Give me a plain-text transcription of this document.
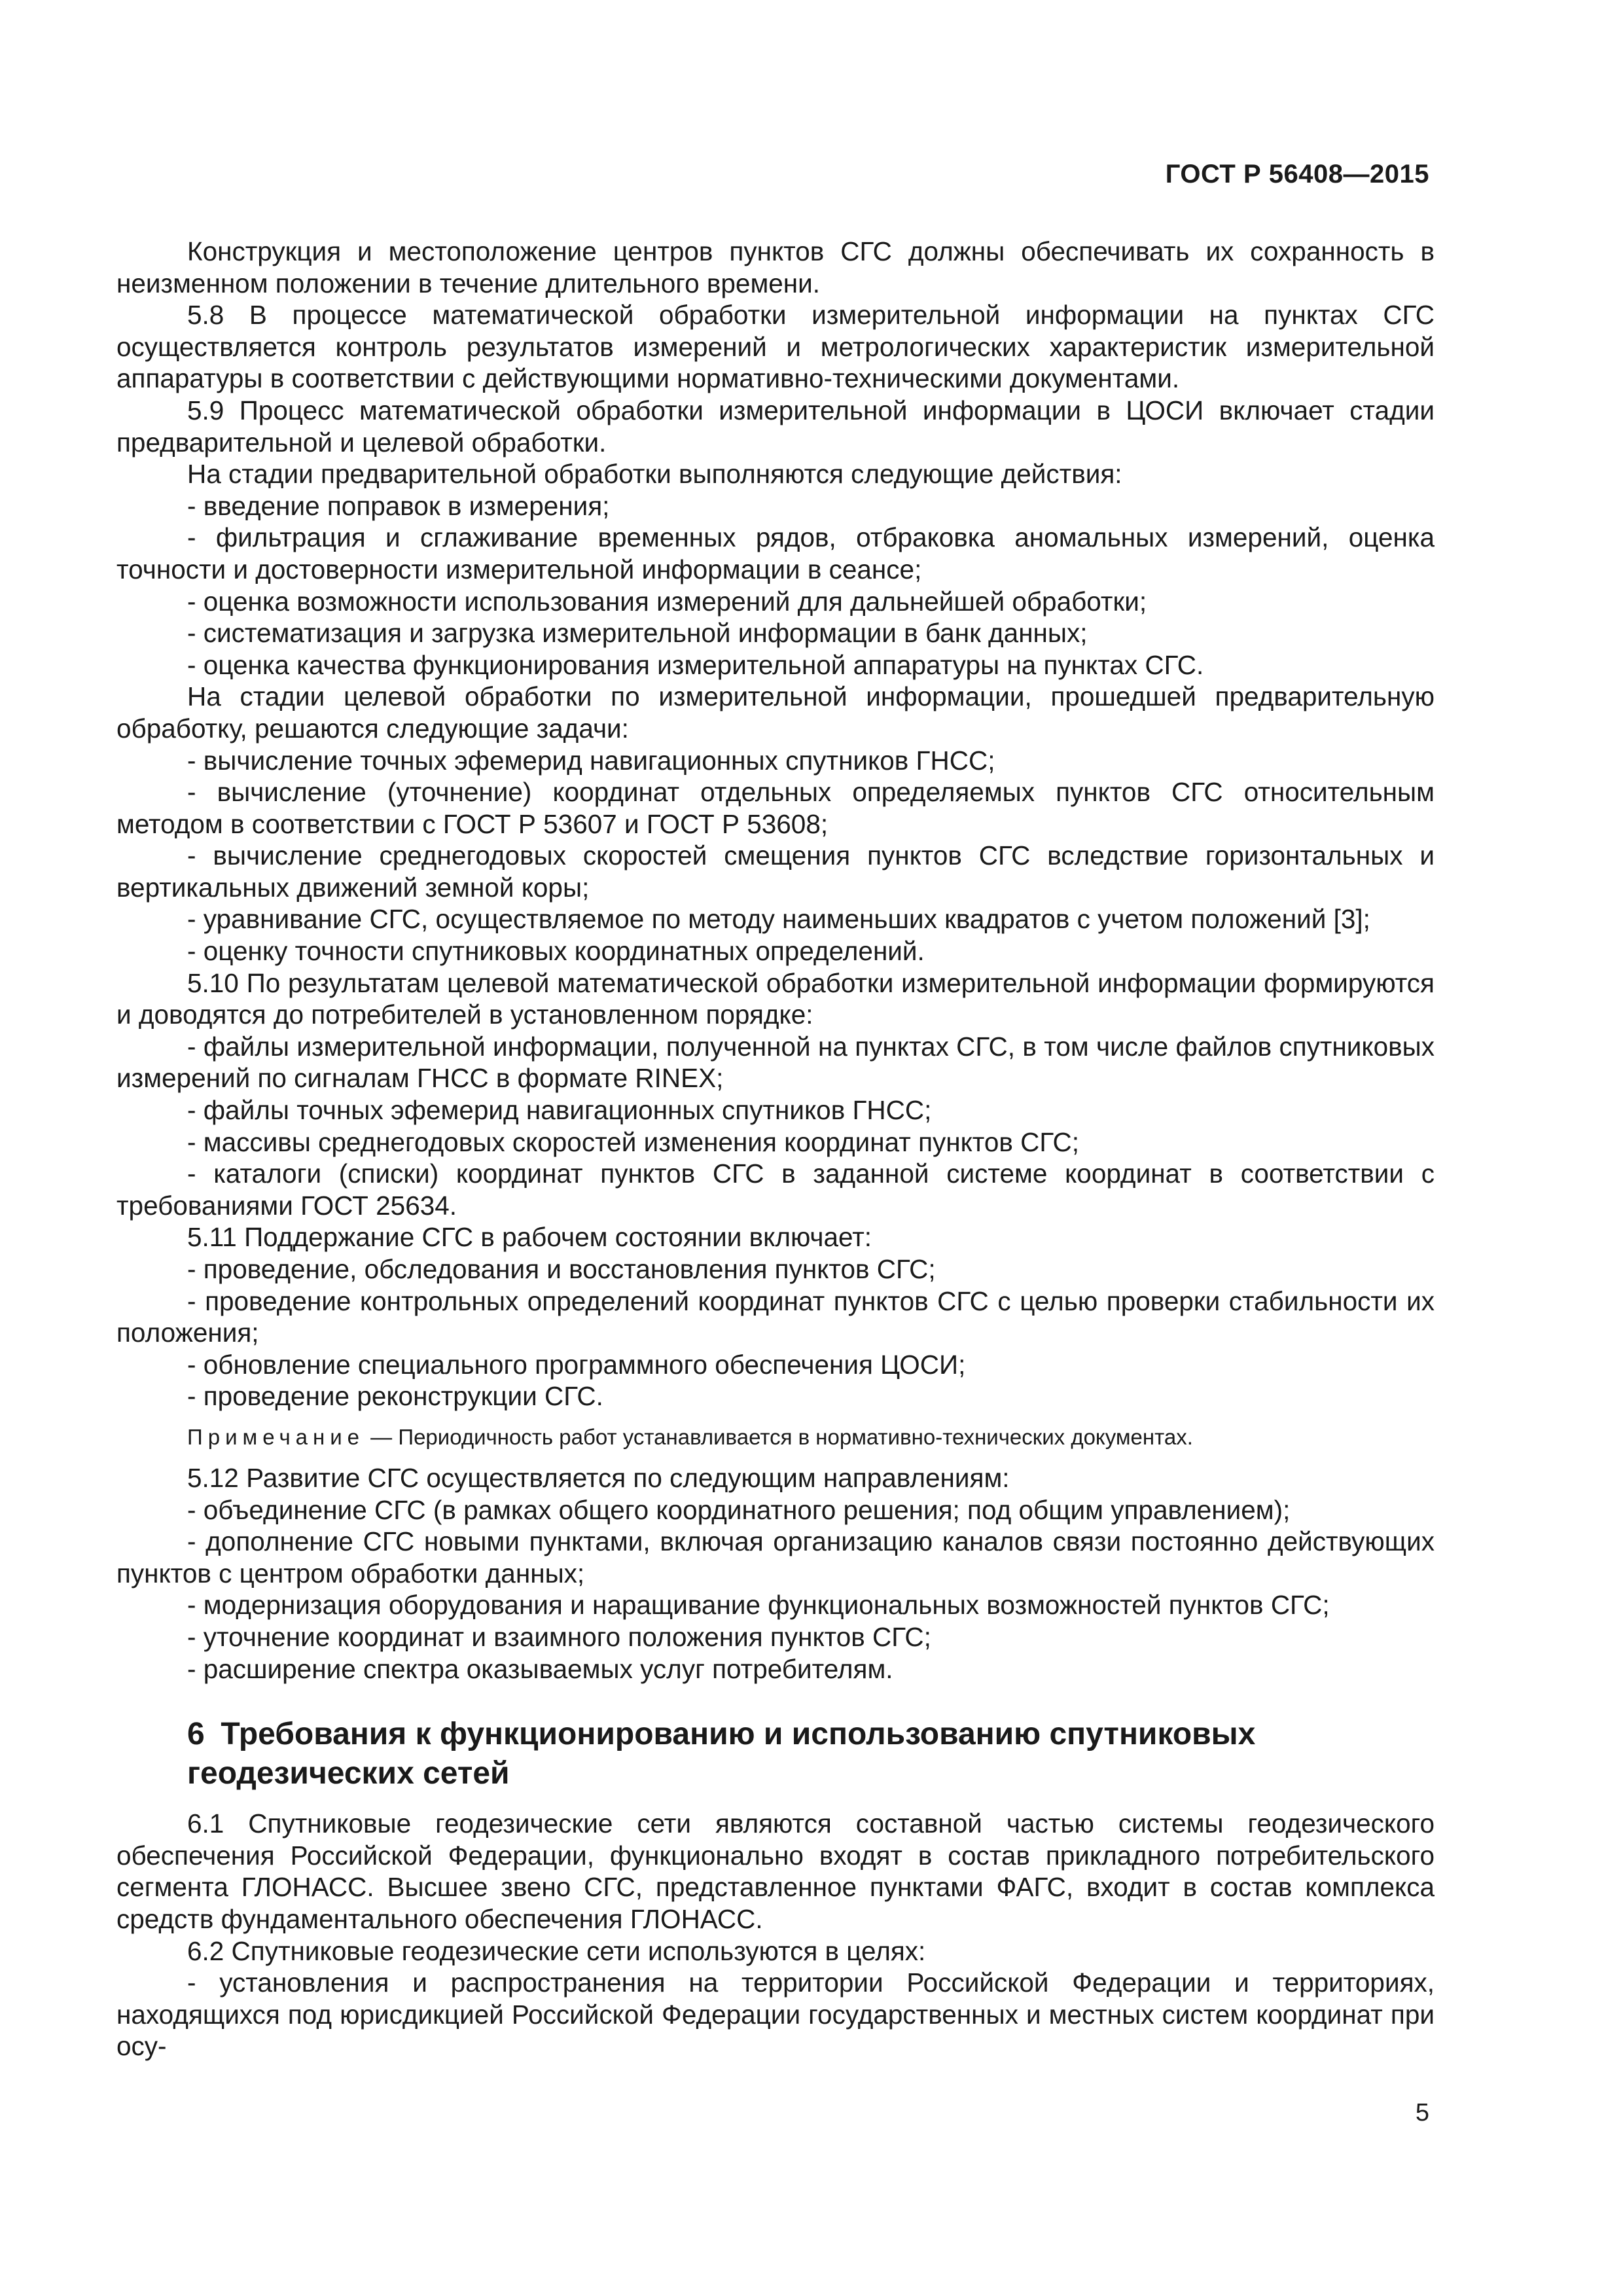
ГОСТ Р 56408—2015

Конструкция и местоположение центров пунктов СГС должны обеспечивать их сохранность в неизменном положении в течение длительного времени.

5.8 В процессе математической обработки измерительной информации на пунктах СГС осуществляется контроль результатов измерений и метрологических характеристик измерительной аппаратуры в соответствии с действующими нормативно-техническими документами.

5.9 Процесс математической обработки измерительной информации в ЦОСИ включает стадии предварительной и целевой обработки.

На стадии предварительной обработки выполняются следующие действия:

- введение поправок в измерения;

- фильтрация и сглаживание временных рядов, отбраковка аномальных измерений, оценка точности и достоверности измерительной информации в сеансе;

- оценка возможности использования измерений для дальнейшей обработки;

- систематизация и загрузка измерительной информации в банк данных;

- оценка качества функционирования измерительной аппаратуры на пунктах СГС.

На стадии целевой обработки по измерительной информации, прошедшей предварительную обработку, решаются следующие задачи:

- вычисление точных эфемерид навигационных спутников ГНСС;

- вычисление (уточнение) координат отдельных определяемых пунктов СГС относительным методом в соответствии с ГОСТ Р 53607 и ГОСТ Р 53608;

- вычисление среднегодовых скоростей смещения пунктов СГС вследствие горизонтальных и вертикальных движений земной коры;

- уравнивание СГС, осуществляемое по методу наименьших квадратов с учетом положений [3];

- оценку точности спутниковых координатных определений.

5.10 По результатам целевой математической обработки измерительной информации формируются и доводятся до потребителей в установленном порядке:

- файлы измерительной информации, полученной на пунктах СГС, в том числе файлов спутниковых измерений по сигналам ГНСС в формате RINEX;

- файлы точных эфемерид навигационных спутников ГНСС;

- массивы среднегодовых скоростей изменения координат пунктов СГС;

- каталоги (списки) координат пунктов СГС в заданной системе координат в соответствии с требованиями ГОСТ 25634.

5.11 Поддержание СГС в рабочем состоянии включает:

- проведение, обследования и восстановления пунктов СГС;

- проведение контрольных определений координат пунктов СГС с целью проверки стабильности их положения;

- обновление специального программного обеспечения ЦОСИ;

- проведение реконструкции СГС.

Примечание — Периодичность работ устанавливается в нормативно-технических документах.

5.12 Развитие СГС осуществляется по следующим направлениям:

- объединение СГС (в рамках общего координатного решения; под общим управлением);

- дополнение СГС новыми пунктами, включая организацию каналов связи постоянно действующих пунктов с центром обработки данных;

- модернизация оборудования и наращивание функциональных возможностей пунктов СГС;

- уточнение координат и взаимного положения пунктов СГС;

- расширение спектра оказываемых услуг потребителям.

6 Требования к функционированию и использованию спутниковых геодезических сетей

6.1 Спутниковые геодезические сети являются составной частью системы геодезического обеспечения Российской Федерации, функционально входят в состав прикладного потребительского сегмента ГЛОНАСС. Высшее звено СГС, представленное пунктами ФАГС, входит в состав комплекса средств фундаментального обеспечения ГЛОНАСС.

6.2 Спутниковые геодезические сети используются в целях:

- установления и распространения на территории Российской Федерации и территориях, находящихся под юрисдикцией Российской Федерации государственных и местных систем координат при осу-

5
